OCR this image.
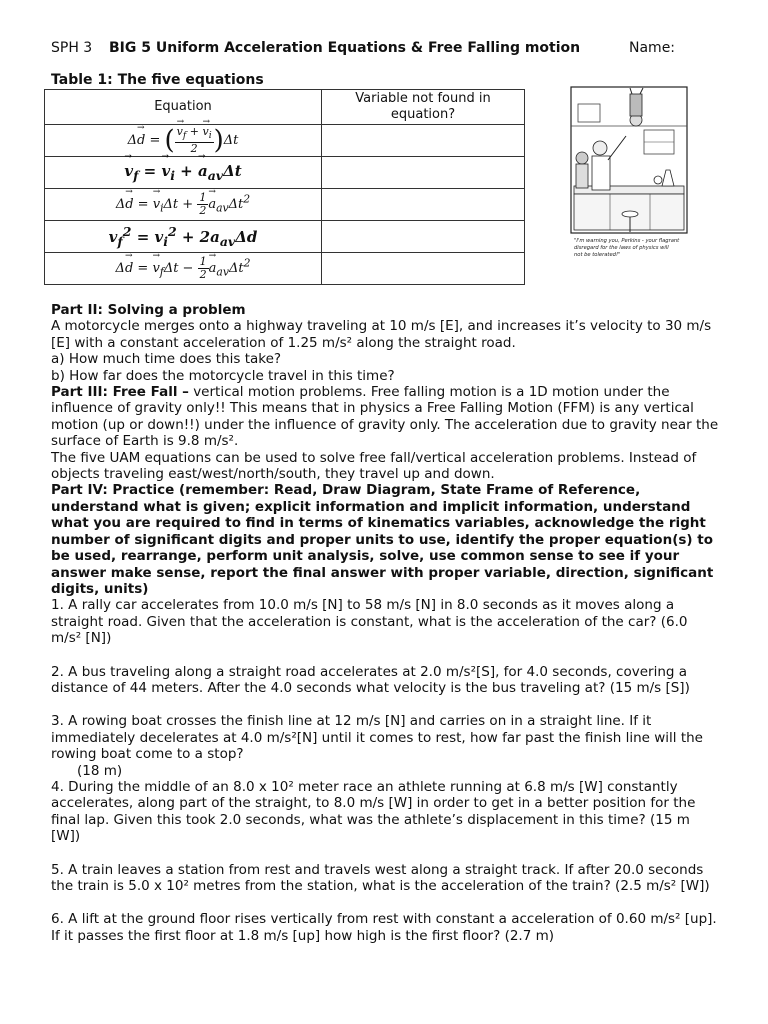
SPH 3 BIG 5 Uniform Acceleration Equations & Free Falling motion	Name:
Table 1: The five equations
Equation	Variable not found in equation?
Δ→ d = ( → $\frac{v_f + \to v_i}{2} )\Delta t$	
→ $v_f$ = → $v_i$ + → $a_{av}\Delta t$	
Δ→ d = → $v_i\Delta t + \frac{1}{2} \to a_{av}\Delta t^2$	
$v_f^2 = v_i^2 + 2a_{av}\Delta d$	
Δ→ d = → $v_f\Delta t - \frac{1}{2} \to a_{av}\Delta t^2$	
"I'm warning you, Perkins - your flagrant
disregard for the laws of physics will
not be tolerated!"

Part II: Solving a problem

A motorcycle merges onto a highway traveling at 10 m/s [E], and increases it’s velocity to 30 m/s [E] with a constant acceleration of 1.25 m/s² along the straight road.

a) How much time does this take?

b) How far does the motorcycle travel in this time?

Part III: Free Fall – vertical motion problems. Free falling motion is a 1D motion under the influence of gravity only!! This means that in physics a Free Falling Motion (FFM) is any vertical motion (up or down!!) under the influence of gravity only. The acceleration due to gravity near the surface of Earth is 9.8 m/s².

The five UAM equations can be used to solve free fall/vertical acceleration problems. Instead of objects traveling east/west/north/south, they travel up and down.

Part IV: Practice (remember: Read, Draw Diagram, State Frame of Reference, understand what is given; explicit information and implicit information, understand what you are required to find in terms of kinematics variables, acknowledge the right number of significant digits and proper units to use, identify the proper equation(s) to be used, rearrange, perform unit analysis, solve, use common sense to see if your answer make sense, report the final answer with proper variable, direction, significant digits, units)

1. A rally car accelerates from 10.0 m/s [N] to 58 m/s [N] in 8.0 seconds as it moves along a straight road. Given that the acceleration is constant, what is the acceleration of the car? (6.0 m/s² [N])

2. A bus traveling along a straight road accelerates at 2.0 m/s²[S], for 4.0 seconds, covering a distance of 44 meters. After the 4.0 seconds what velocity is the bus traveling at? (15 m/s [S])

3. A rowing boat crosses the finish line at 12 m/s [N] and carries on in a straight line. If it immediately decelerates at 4.0 m/s²[N] until it comes to rest, how far past the finish line will the rowing boat come to a stop?

(18 m)

4. During the middle of an 8.0 x 10² meter race an athlete running at 6.8 m/s [W] constantly accelerates, along part of the straight, to 8.0 m/s [W] in order to get in a better position for the final lap. Given this took 2.0 seconds, what was the athlete’s displacement in this time? (15 m [W])

5. A train leaves a station from rest and travels west along a straight track. If after 20.0 seconds the train is 5.0 x 10² metres from the station, what is the acceleration of the train? (2.5 m/s² [W])

6. A lift at the ground floor rises vertically from rest with constant a acceleration of 0.60 m/s² [up]. If it passes the first floor at 1.8 m/s [up] how high is the first floor? (2.7 m)
